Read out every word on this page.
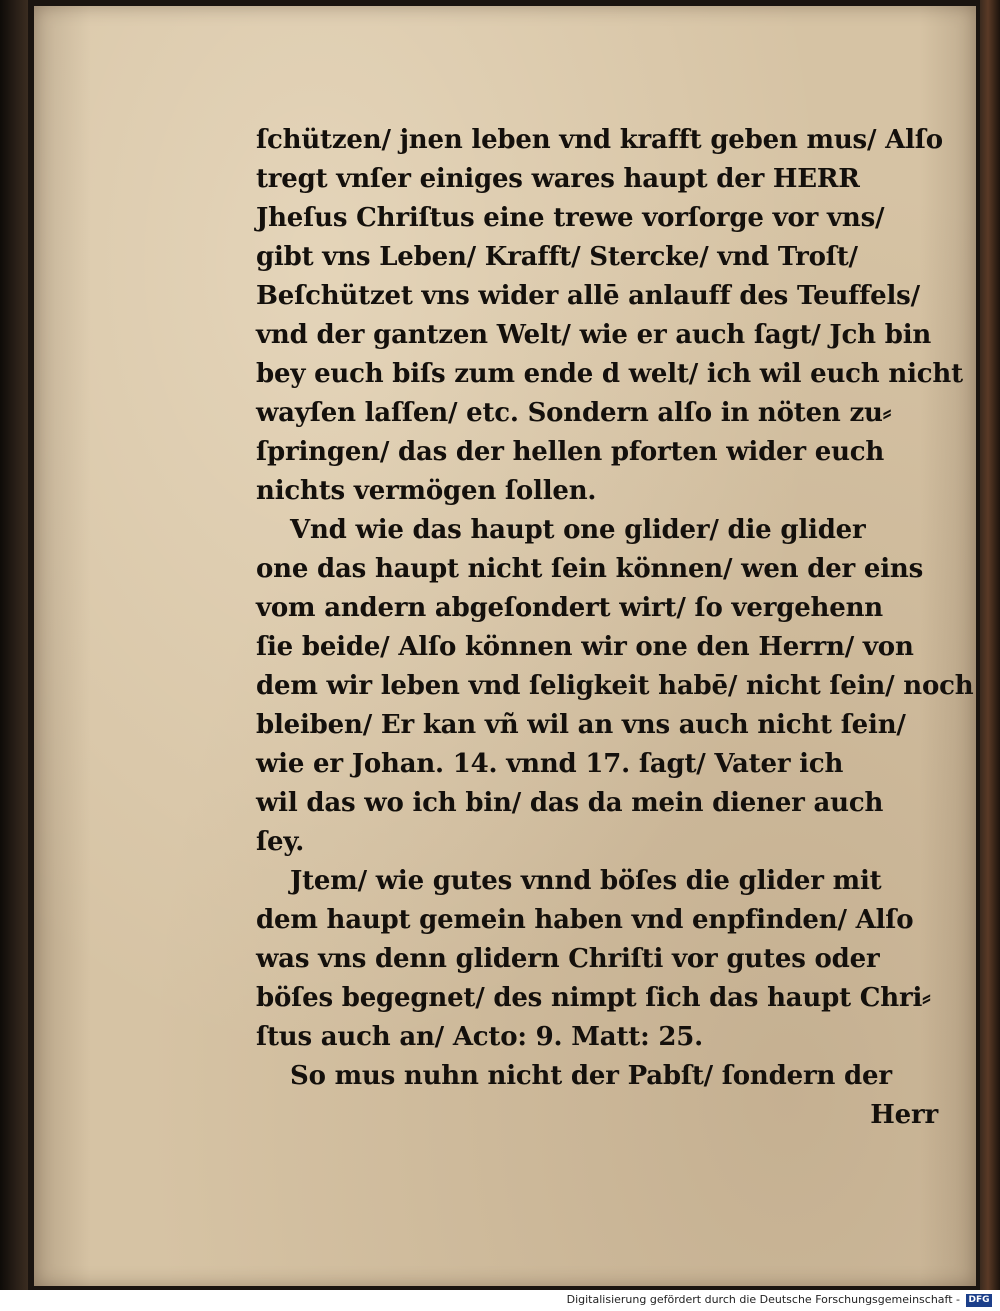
ſchützen/ jnen leben vnd krafft geben mus/ Alſo
tregt vnſer einiges wares haupt der HERR
Jheſus Chriſtus eine trewe vorſorge vor vns/
gibt vns Leben/ Krafft/ Stercke/ vnd Troſt/
Beſchützet vns wider allē anlauff des Teuffels/
vnd der gantzen Welt/ wie er auch ſagt/ Jch bin
bey euch biſs zum ende d welt/ ich wil euch nicht
wayſen laſſen/ etc. Sondern alſo in nöten zu⸗
ſpringen/ das der hellen pforten wider euch
nichts vermögen ſollen.
Vnd wie das haupt one glider/ die glider
one das haupt nicht ſein können/ wen der eins
vom andern abgeſondert wirt/ ſo vergehenn
ſie beide/ Alſo können wir one den Herrn/ von
dem wir leben vnd ſeligkeit habē/ nicht ſein/ noch
bleiben/ Er kan vñ wil an vns auch nicht ſein/
wie er Johan. 14. vnnd 17. ſagt/ Vater ich
wil das wo ich bin/ das da mein diener auch
ſey.
Jtem/ wie gutes vnnd böſes die glider mit
dem haupt gemein haben vnd enpfinden/ Alſo
was vns denn glidern Chriſti vor gutes oder
böſes begegnet/ des nimpt ſich das haupt Chri⸗
ſtus auch an/ Acto: 9. Matt: 25.
So mus nuhn nicht der Pabſt/ ſondern der
Herr
Digitalisierung gefördert durch die Deutsche Forschungsgemeinschaft - DFG
